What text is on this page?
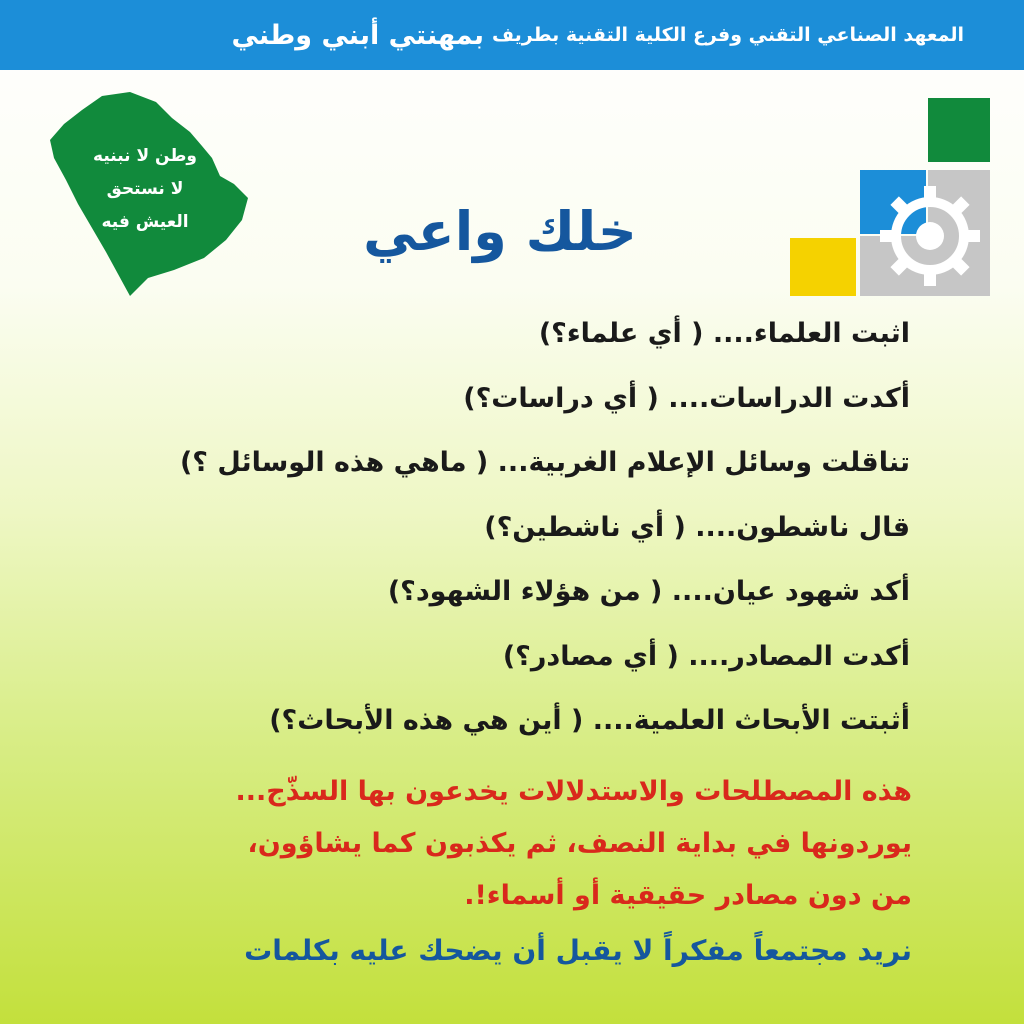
المعهد الصناعي التقني وفرع الكلية التقنية بطريف
بمهنتي أبني وطني
وطن لا نبنيه
لا نستحق
العيش فيه	خلك واعي
اثبت العلماء.... ( أي علماء؟)
أكدت الدراسات.... ( أي دراسات؟)
تناقلت وسائل الإعلام الغربية... ( ماهي هذه الوسائل ؟)
قال ناشطون.... ( أي ناشطين؟)
أكد شهود عيان.... ( من هؤلاء الشهود؟)
أكدت المصادر.... ( أي مصادر؟)
أثبتت الأبحاث العلمية.... ( أين هي هذه الأبحاث؟)
هذه المصطلحات والاستدلالات يخدعون بها السذّج...
يوردونها في بداية النصف، ثم يكذبون كما يشاؤون،
من دون مصادر حقيقية أو أسماء!.
نريد مجتمعاً مفكراً لا يقبل أن يضحك عليه بكلمات
